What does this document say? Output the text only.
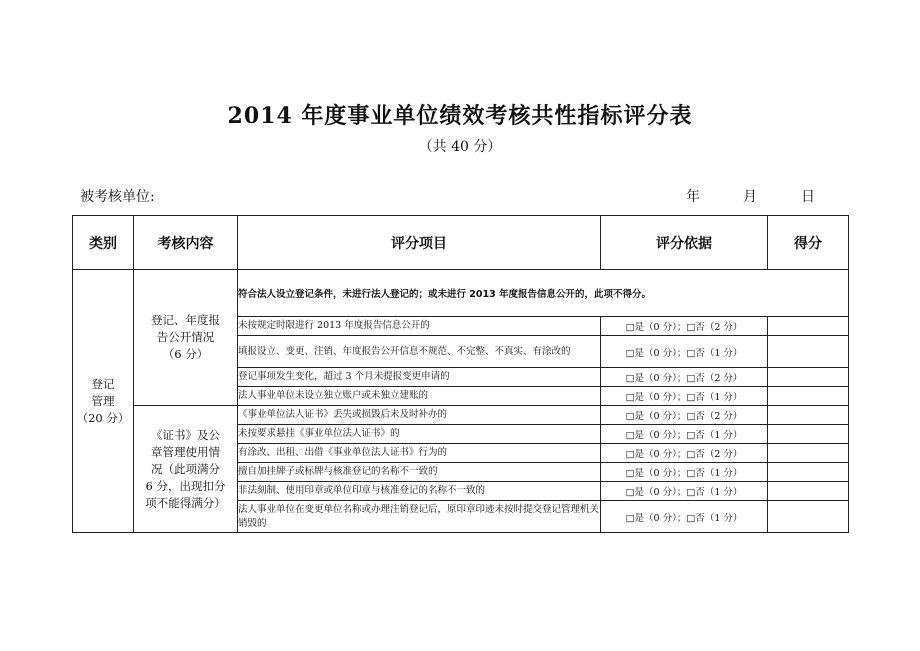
2014 年度事业单位绩效考核共性指标评分表
（共 40 分）
被考核单位:	年	月	日
类别	考核内容	评分项目	评分依据	得分
登记
管理
（20 分）	登记、年度报
告公开情况
（6 分）	符合法人设立登记条件，未进行法人登记的；或未进行 2013 年度报告信息公开的，此项不得分。		
		未按规定时限进行 2013 年度报告信息公开的	□是（0 分）；□否（2 分）	
		填报设立、变更、注销、年度报告公开信息不规范、不完整、不真实、有涂改的	□是（0 分）；□否（1 分）	
		登记事项发生变化，超过 3 个月未提报变更申请的	□是（0 分）；□否（2 分）	
		法人事业单位未设立独立账户或未独立建账的	□是（0 分）；□否（1 分）	
	《证书》及公
章管理使用情
况（此项满分
6 分，出现扣分
项不能得满分）	《事业单位法人证书》丢失或损毁后未及时补办的	□是（0 分）；□否（2 分）	
		未按要求悬挂《事业单位法人证书》的	□是（0 分）；□否（1 分）	
		有涂改、出租、出借《事业单位法人证书》行为的	□是（0 分）；□否（2 分）	
		擅自加挂牌子或标牌与核准登记的名称不一致的	□是（0 分）；□否（1 分）	
		非法刻制、使用印章或单位印章与核准登记的名称不一致的	□是（0 分）；□否（1 分）	
		法人事业单位在变更单位名称或办理注销登记后，原印章印迹未按时提交登记管理机关销毁的	□是（0 分）；□否（1 分）	
